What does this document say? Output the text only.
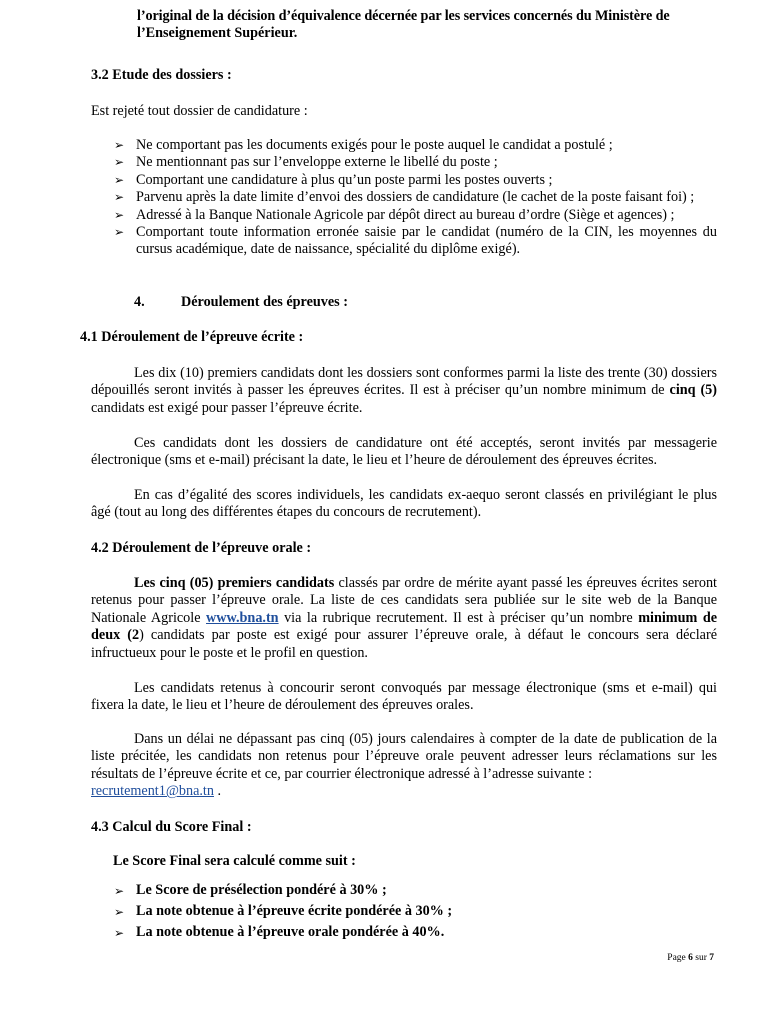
l’original de la décision d’équivalence décernée par les services concernés du Ministère de
l’Enseignement Supérieur.
3.2 Etude des dossiers :
Est rejeté tout dossier de candidature :
➢ Ne comportant pas les documents exigés pour le poste auquel le candidat a postulé ;
➢ Ne mentionnant pas sur l’enveloppe externe le libellé du poste ;
➢ Comportant une candidature à plus qu’un poste parmi les postes ouverts ;
➢ Parvenu après la date limite d’envoi des dossiers de candidature (le cachet de la poste faisant foi) ;
➢ Adressé à la Banque Nationale Agricole par dépôt direct au bureau d’ordre (Siège et agences) ;
➢ Comportant toute information erronée saisie par le candidat (numéro de la CIN, les moyennes du cursus académique, date de naissance, spécialité du diplôme exigé).
4.	Déroulement des épreuves :
4.1 Déroulement de l’épreuve écrite :
Les dix (10) premiers candidats dont les dossiers sont conformes parmi la liste des trente (30) dossiers dépouillés seront invités à passer les épreuves écrites. Il est à préciser qu’un nombre minimum de cinq (5) candidats est exigé pour passer l’épreuve écrite.
Ces candidats dont les dossiers de candidature ont été acceptés, seront invités par messagerie électronique (sms et e-mail) précisant la date, le lieu et l’heure de déroulement des épreuves écrites.
En cas d’égalité des scores individuels, les candidats ex-aequo seront classés en privilégiant le plus âgé (tout au long des différentes étapes du concours de recrutement).
4.2 Déroulement de l’épreuve orale :
Les cinq (05) premiers candidats classés par ordre de mérite ayant passé les épreuves écrites seront retenus pour passer l’épreuve orale. La liste de ces candidats sera publiée sur le site web de la Banque Nationale Agricole www.bna.tn via la rubrique recrutement. Il est à préciser qu’un nombre minimum de deux (2) candidats par poste est exigé pour assurer l’épreuve orale, à défaut le concours sera déclaré infructueux pour le poste et le profil en question.
Les candidats retenus à concourir seront convoqués par message électronique (sms et e-mail) qui fixera la date, le lieu et l’heure de déroulement des épreuves orales.
Dans un délai ne dépassant pas cinq (05) jours calendaires à compter de la date de publication de la liste précitée, les candidats non retenus pour l’épreuve orale peuvent adresser leurs réclamations sur les résultats de l’épreuve écrite et ce, par courrier électronique adressé à l’adresse suivante :
recrutement1@bna.tn .
4.3 Calcul du Score Final :
Le Score Final sera calculé comme suit :
➢ Le Score de présélection pondéré à 30% ;
➢ La note obtenue à l’épreuve écrite pondérée à 30% ;
➢ La note obtenue à l’épreuve orale pondérée à 40%.
Page 6 sur 7
